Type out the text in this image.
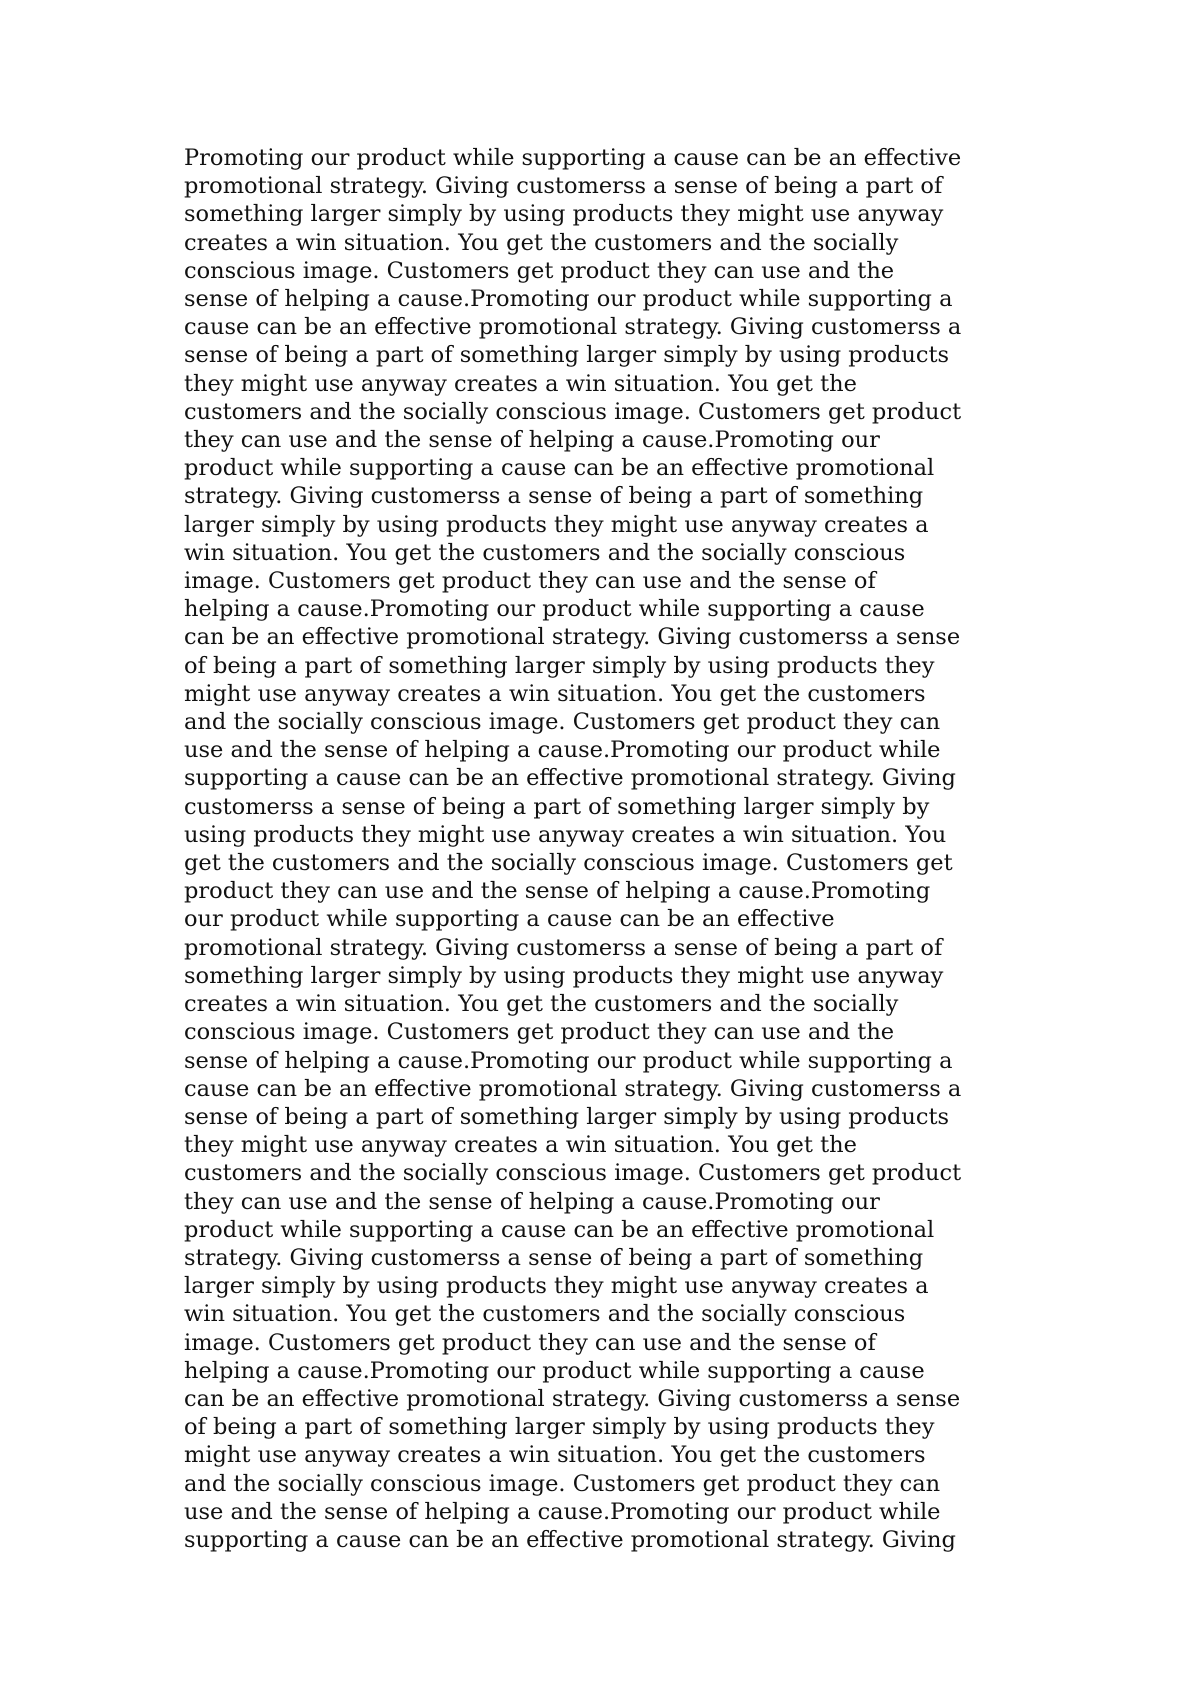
Promoting our product while supporting a cause can be an effective
promotional strategy. Giving customerss a sense of being a part of
something larger simply by using products they might use anyway
creates a win situation. You get the customers and the socially
conscious image. Customers get product they can use and the
sense of helping a cause.Promoting our product while supporting a
cause can be an effective promotional strategy. Giving customerss a
sense of being a part of something larger simply by using products
they might use anyway creates a win situation. You get the
customers and the socially conscious image. Customers get product
they can use and the sense of helping a cause.Promoting our
product while supporting a cause can be an effective promotional
strategy. Giving customerss a sense of being a part of something
larger simply by using products they might use anyway creates a
win situation. You get the customers and the socially conscious
image. Customers get product they can use and the sense of
helping a cause.Promoting our product while supporting a cause
can be an effective promotional strategy. Giving customerss a sense
of being a part of something larger simply by using products they
might use anyway creates a win situation. You get the customers
and the socially conscious image. Customers get product they can
use and the sense of helping a cause.Promoting our product while
supporting a cause can be an effective promotional strategy. Giving
customerss a sense of being a part of something larger simply by
using products they might use anyway creates a win situation. You
get the customers and the socially conscious image. Customers get
product they can use and the sense of helping a cause.Promoting
our product while supporting a cause can be an effective
promotional strategy. Giving customerss a sense of being a part of
something larger simply by using products they might use anyway
creates a win situation. You get the customers and the socially
conscious image. Customers get product they can use and the
sense of helping a cause.Promoting our product while supporting a
cause can be an effective promotional strategy. Giving customerss a
sense of being a part of something larger simply by using products
they might use anyway creates a win situation. You get the
customers and the socially conscious image. Customers get product
they can use and the sense of helping a cause.Promoting our
product while supporting a cause can be an effective promotional
strategy. Giving customerss a sense of being a part of something
larger simply by using products they might use anyway creates a
win situation. You get the customers and the socially conscious
image. Customers get product they can use and the sense of
helping a cause.Promoting our product while supporting a cause
can be an effective promotional strategy. Giving customerss a sense
of being a part of something larger simply by using products they
might use anyway creates a win situation. You get the customers
and the socially conscious image. Customers get product they can
use and the sense of helping a cause.Promoting our product while
supporting a cause can be an effective promotional strategy. Giving
